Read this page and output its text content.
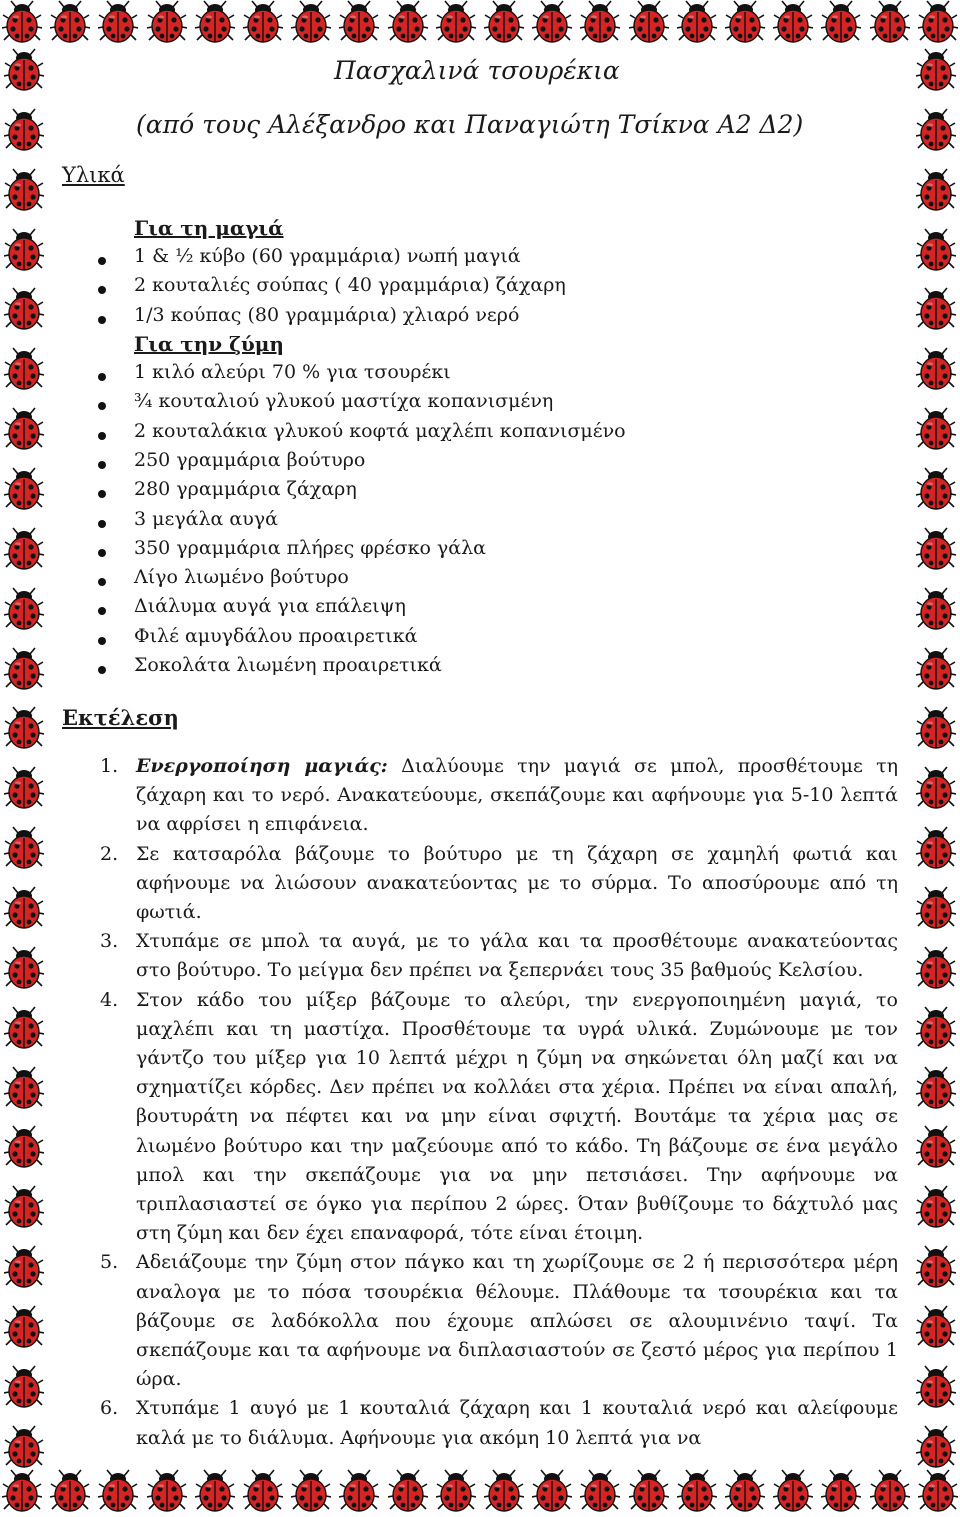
Πασχαλινά τσουρέκια
(από τους Αλέξανδρο και Παναγιώτη Τσίκνα Α2 Δ2)
Υλικά
Για τη μαγιά
1 & ½ κύβο (60 γραμμάρια) νωπή μαγιά
2 κουταλιές σούπας ( 40 γραμμάρια) ζάχαρη
1/3 κούπας (80 γραμμάρια) χλιαρό νερό
Για την ζύμη
1 κιλό αλεύρι 70 % για τσουρέκι
¾ κουταλιού γλυκού μαστίχα κοπανισμένη
2 κουταλάκια γλυκού κοφτά μαχλέπι κοπανισμένο
250 γραμμάρια βούτυρο
280 γραμμάρια ζάχαρη
3 μεγάλα αυγά
350 γραμμάρια πλήρες φρέσκο γάλα
Λίγο λιωμένο βούτυρο
Διάλυμα αυγά για επάλειψη
Φιλέ αμυγδάλου προαιρετικά
Σοκολάτα λιωμένη προαιρετικά
Εκτέλεση
1. Ενεργοποίηση μαγιάς: Διαλύουμε την μαγιά σε μπολ, προσθέτουμε τη ζάχαρη και το νερό. Ανακατεύουμε, σκεπάζουμε και αφήνουμε για 5-10 λεπτά να αφρίσει η επιφάνεια.
2. Σε κατσαρόλα βάζουμε το βούτυρο με τη ζάχαρη σε χαμηλή φωτιά και αφήνουμε να λιώσουν ανακατεύοντας με το σύρμα. Το αποσύρουμε από τη φωτιά.
3. Χτυπάμε σε μπολ τα αυγά, με το γάλα και τα προσθέτουμε ανακατεύοντας στο βούτυρο. Το μείγμα δεν πρέπει να ξεπερνάει τους 35 βαθμούς Κελσίου.
4. Στον κάδο του μίξερ βάζουμε το αλεύρι, την ενεργοποιημένη μαγιά, το μαχλέπι και τη μαστίχα. Προσθέτουμε τα υγρά υλικά. Ζυμώνουμε με τον γάντζο του μίξερ για 10 λεπτά μέχρι η ζύμη να σηκώνεται όλη μαζί και να σχηματίζει κόρδες. Δεν πρέπει να κολλάει στα χέρια. Πρέπει να είναι απαλή, βουτυράτη να πέφτει και να μην είναι σφιχτή. Βουτάμε τα χέρια μας σε λιωμένο βούτυρο και την μαζεύουμε από το κάδο. Τη βάζουμε σε ένα μεγάλο μπολ και την σκεπάζουμε για να μην πετσιάσει. Την αφήνουμε να τριπλασιαστεί σε όγκο για περίπου 2 ώρες. Όταν βυθίζουμε το δάχτυλό μας στη ζύμη και δεν έχει επαναφορά, τότε είναι έτοιμη.
5. Αδειάζουμε την ζύμη στον πάγκο και τη χωρίζουμε σε 2 ή περισσότερα μέρη αναλογα με το πόσα τσουρέκια θέλουμε. Πλάθουμε τα τσουρέκια και τα βάζουμε σε λαδόκολλα που έχουμε απλώσει σε αλουμινένιο ταψί. Τα σκεπάζουμε και τα αφήνουμε να διπλασιαστούν σε ζεστό μέρος για περίπου 1 ώρα.
6. Χτυπάμε 1 αυγό με 1 κουταλιά ζάχαρη και 1 κουταλιά νερό και αλείφουμε καλά με το διάλυμα. Αφήνουμε για ακόμη 10 λεπτά για να
